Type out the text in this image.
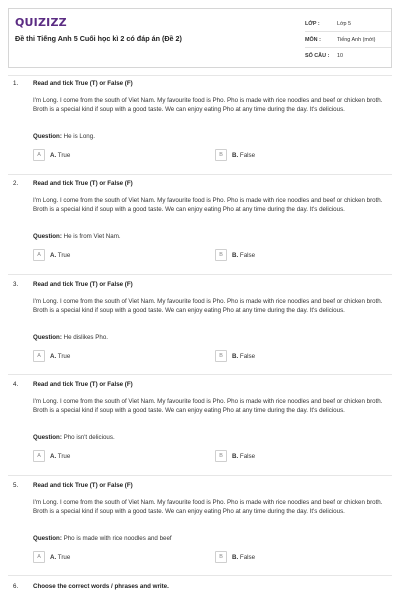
QUIZIZZ
Đề thi Tiếng Anh 5 Cuối học kì 2 có đáp án (Đề 2)
LỚP :	Lớp 5
MÔN :	Tiếng Anh (mới)
SỐ CÂU :	10
1. Read and tick True (T) or False (F)
I'm Long. I come from the south of Viet Nam. My favourite food is Pho. Pho is made with rice noodles and beef or chicken broth. Broth is a special kind if soup with a good taste. We can enjoy eating Pho at any time during the day. It's delicious.
Question: He is Long.
A	A. True	B	B. False
2. Read and tick True (T) or False (F)
I'm Long. I come from the south of Viet Nam. My favourite food is Pho. Pho is made with rice noodles and beef or chicken broth. Broth is a special kind if soup with a good taste. We can enjoy eating Pho at any time during the day. It's delicious.
Question: He is from Viet Nam.
A	A. True	B	B. False
3. Read and tick True (T) or False (F)
I'm Long. I come from the south of Viet Nam. My favourite food is Pho. Pho is made with rice noodles and beef or chicken broth. Broth is a special kind if soup with a good taste. We can enjoy eating Pho at any time during the day. It's delicious.
Question: He dislikes Pho.
A	A. True	B	B. False
4. Read and tick True (T) or False (F)
I'm Long. I come from the south of Viet Nam. My favourite food is Pho. Pho is made with rice noodles and beef or chicken broth. Broth is a special kind if soup with a good taste. We can enjoy eating Pho at any time during the day. It's delicious.
Question: Pho isn't delicious.
A	A. True	B	B. False
5. Read and tick True (T) or False (F)
I'm Long. I come from the south of Viet Nam. My favourite food is Pho. Pho is made with rice noodles and beef or chicken broth. Broth is a special kind if soup with a good taste. We can enjoy eating Pho at any time during the day. It's delicious.
Question: Pho is made with rice noodles and beef
A	A. True	B	B. False
6. Choose the correct words / phrases and write.
